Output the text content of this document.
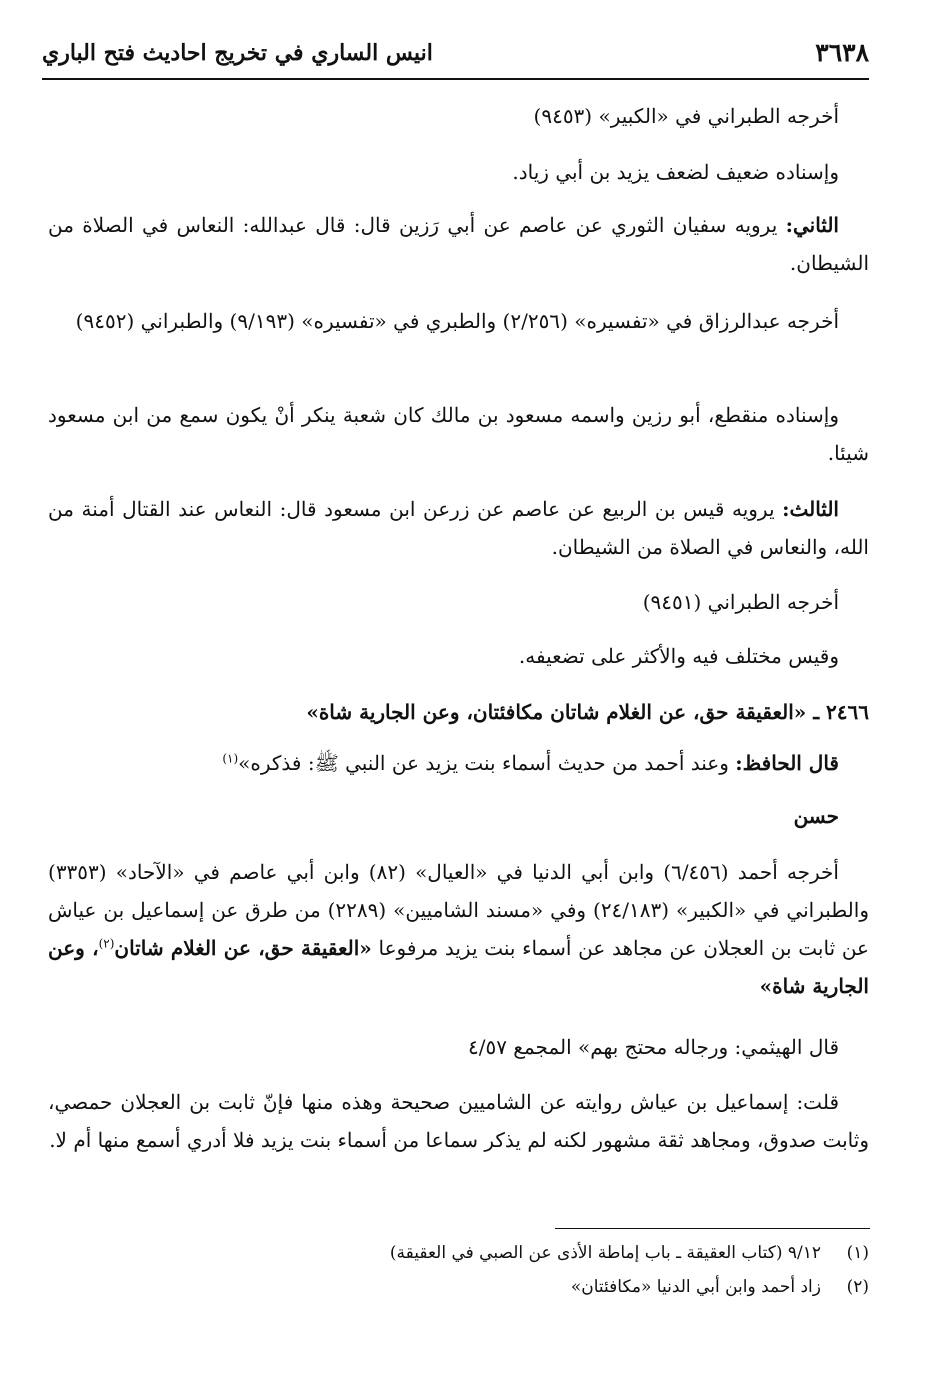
٣٦٣٨
انيس الساري في تخريج احاديث فتح الباري
أخرجه الطبراني في «الكبير» (٩٤٥٣)
وإسناده ضعيف لضعف يزيد بن أبي زياد.
الثاني: يرويه سفيان الثوري عن عاصم عن أبي رَزين قال: قال عبدالله: النعاس في الصلاة من الشيطان.
أخرجه عبدالرزاق في «تفسيره» (٢/٢٥٦) والطبري في «تفسيره» (٩/١٩٣) والطبراني (٩٤٥٢)
وإسناده منقطع، أبو رزين واسمه مسعود بن مالك كان شعبة ينكر أنْ يكون سمع من ابن مسعود شيئا.
الثالث: يرويه قيس بن الربيع عن عاصم عن زرعن ابن مسعود قال: النعاس عند القتال أمنة من الله، والنعاس في الصلاة من الشيطان.
أخرجه الطبراني (٩٤٥١)
وقيس مختلف فيه والأكثر على تضعيفه.
٢٤٦٦ ـ «العقيقة حق، عن الغلام شاتان مكافئتان، وعن الجارية شاة»
قال الحافظ: وعند أحمد من حديث أسماء بنت يزيد عن النبي ﷺ: فذكره»$^{(١)}$
حسن
أخرجه أحمد (٦/٤٥٦) وابن أبي الدنيا في «العيال» (٨٢) وابن أبي عاصم في «الآحاد» (٣٣٥٣) والطبراني في «الكبير» (٢٤/١٨٣) وفي «مسند الشاميين» (٢٢٨٩) من طرق عن إسماعيل بن عياش عن ثابت بن العجلان عن مجاهد عن أسماء بنت يزيد مرفوعا «العقيقة حق، عن الغلام شاتان$^{(٢)}$، وعن الجارية شاة»
قال الهيثمي: ورجاله محتج بهم» المجمع ٤/٥٧
قلت: إسماعيل بن عياش روايته عن الشاميين صحيحة وهذه منها فإنّ ثابت بن العجلان حمصي، وثابت صدوق، ومجاهد ثقة مشهور لكنه لم يذكر سماعا من أسماء بنت يزيد فلا أدري أسمع منها أم لا.
(١)٩/١٢ (كتاب العقيقة ـ باب إماطة الأذى عن الصبي في العقيقة)
(٢)زاد أحمد وابن أبي الدنيا «مكافئتان»
